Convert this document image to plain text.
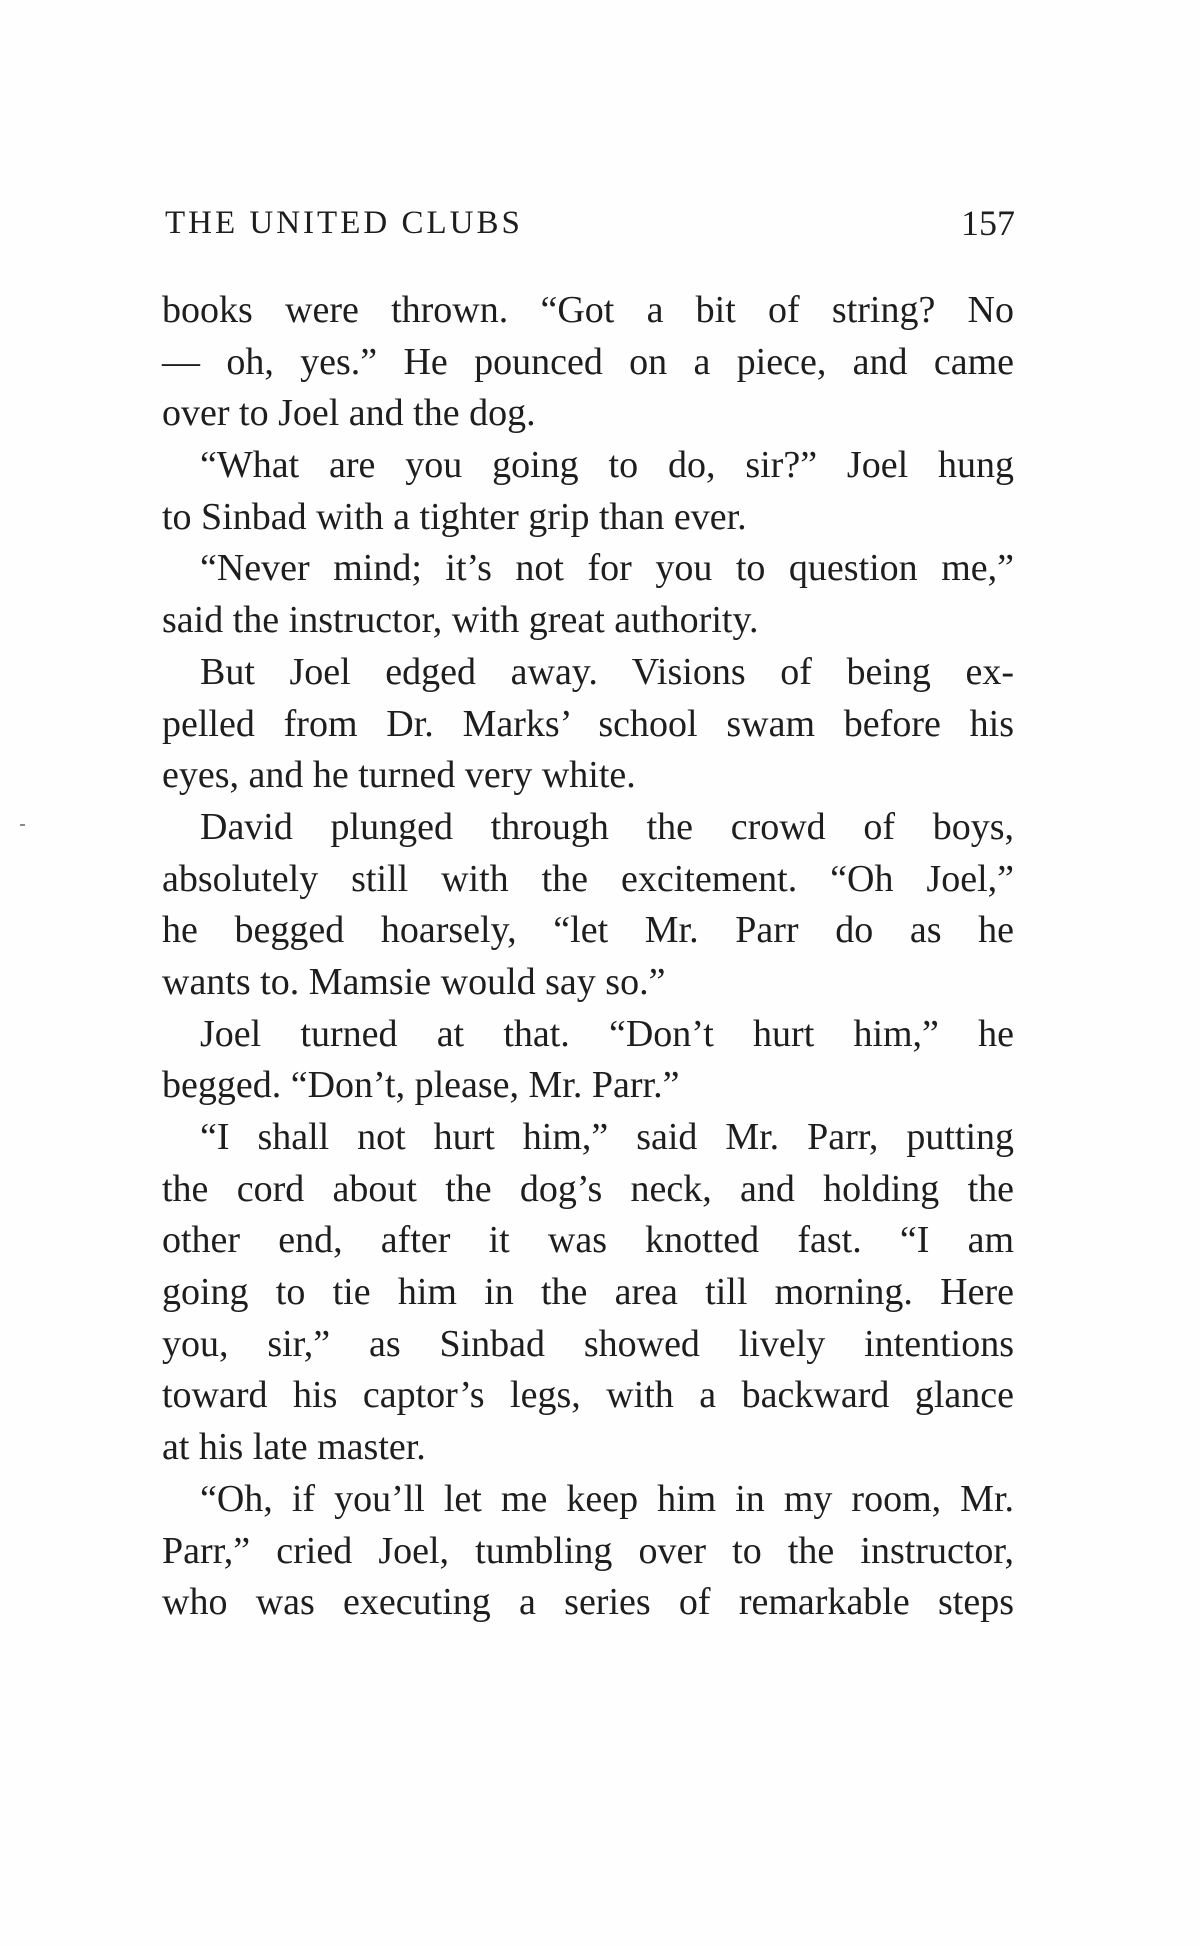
THE UNITED CLUBS	157
books were thrown. “Got a bit of string? No
— oh, yes.” He pounced on a piece, and came
over to Joel and the dog.
“What are you going to do, sir?” Joel hung
to Sinbad with a tighter grip than ever.
“Never mind; it’s not for you to question me,”
said the instructor, with great authority.
But Joel edged away. Visions of being ex-
pelled from Dr. Marks’ school swam before his
eyes, and he turned very white.
David plunged through the crowd of boys,
absolutely still with the excitement. “Oh Joel,”
he begged hoarsely, “let Mr. Parr do as he
wants to. Mamsie would say so.”
Joel turned at that. “Don’t hurt him,” he
begged. “Don’t, please, Mr. Parr.”
“I shall not hurt him,” said Mr. Parr, putting
the cord about the dog’s neck, and holding the
other end, after it was knotted fast. “I am
going to tie him in the area till morning. Here
you, sir,” as Sinbad showed lively intentions
toward his captor’s legs, with a backward glance
at his late master.
“Oh, if you’ll let me keep him in my room, Mr.
Parr,” cried Joel, tumbling over to the instructor,
who was executing a series of remarkable steps
